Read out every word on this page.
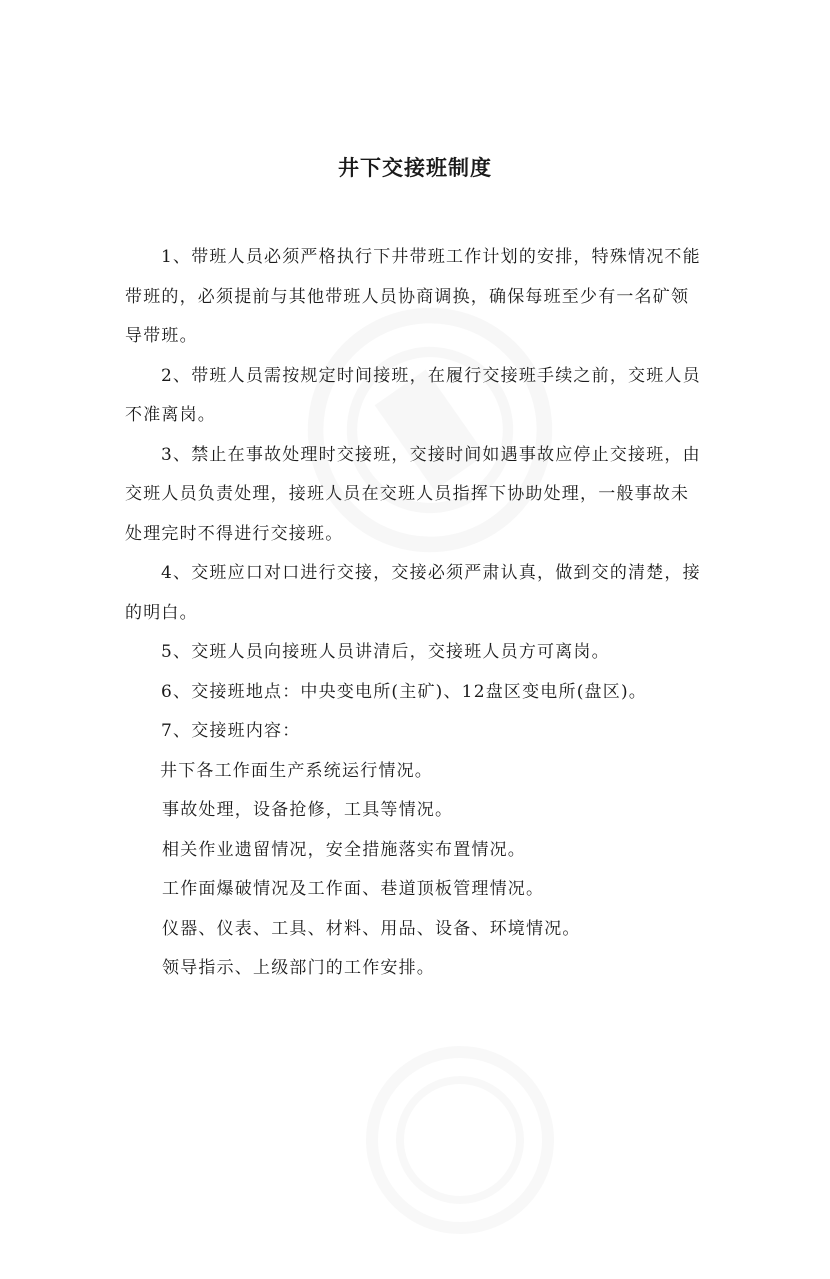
井下交接班制度

1、带班人员必须严格执行下井带班工作计划的安排，特殊情况不能带班的，必须提前与其他带班人员协商调换，确保每班至少有一名矿领导带班。

2、带班人员需按规定时间接班，在履行交接班手续之前，交班人员不准离岗。

3、禁止在事故处理时交接班，交接时间如遇事故应停止交接班，由交班人员负责处理，接班人员在交班人员指挥下协助处理，一般事故未处理完时不得进行交接班。

4、交班应口对口进行交接，交接必须严肃认真，做到交的清楚，接的明白。

5、交班人员向接班人员讲清后，交接班人员方可离岗。

6、交接班地点：中央变电所(主矿)、12盘区变电所(盘区)。

7、交接班内容：

井下各工作面生产系统运行情况。

事故处理，设备抢修，工具等情况。

相关作业遗留情况，安全措施落实布置情况。

工作面爆破情况及工作面、巷道顶板管理情况。

仪器、仪表、工具、材料、用品、设备、环境情况。

领导指示、上级部门的工作安排。
